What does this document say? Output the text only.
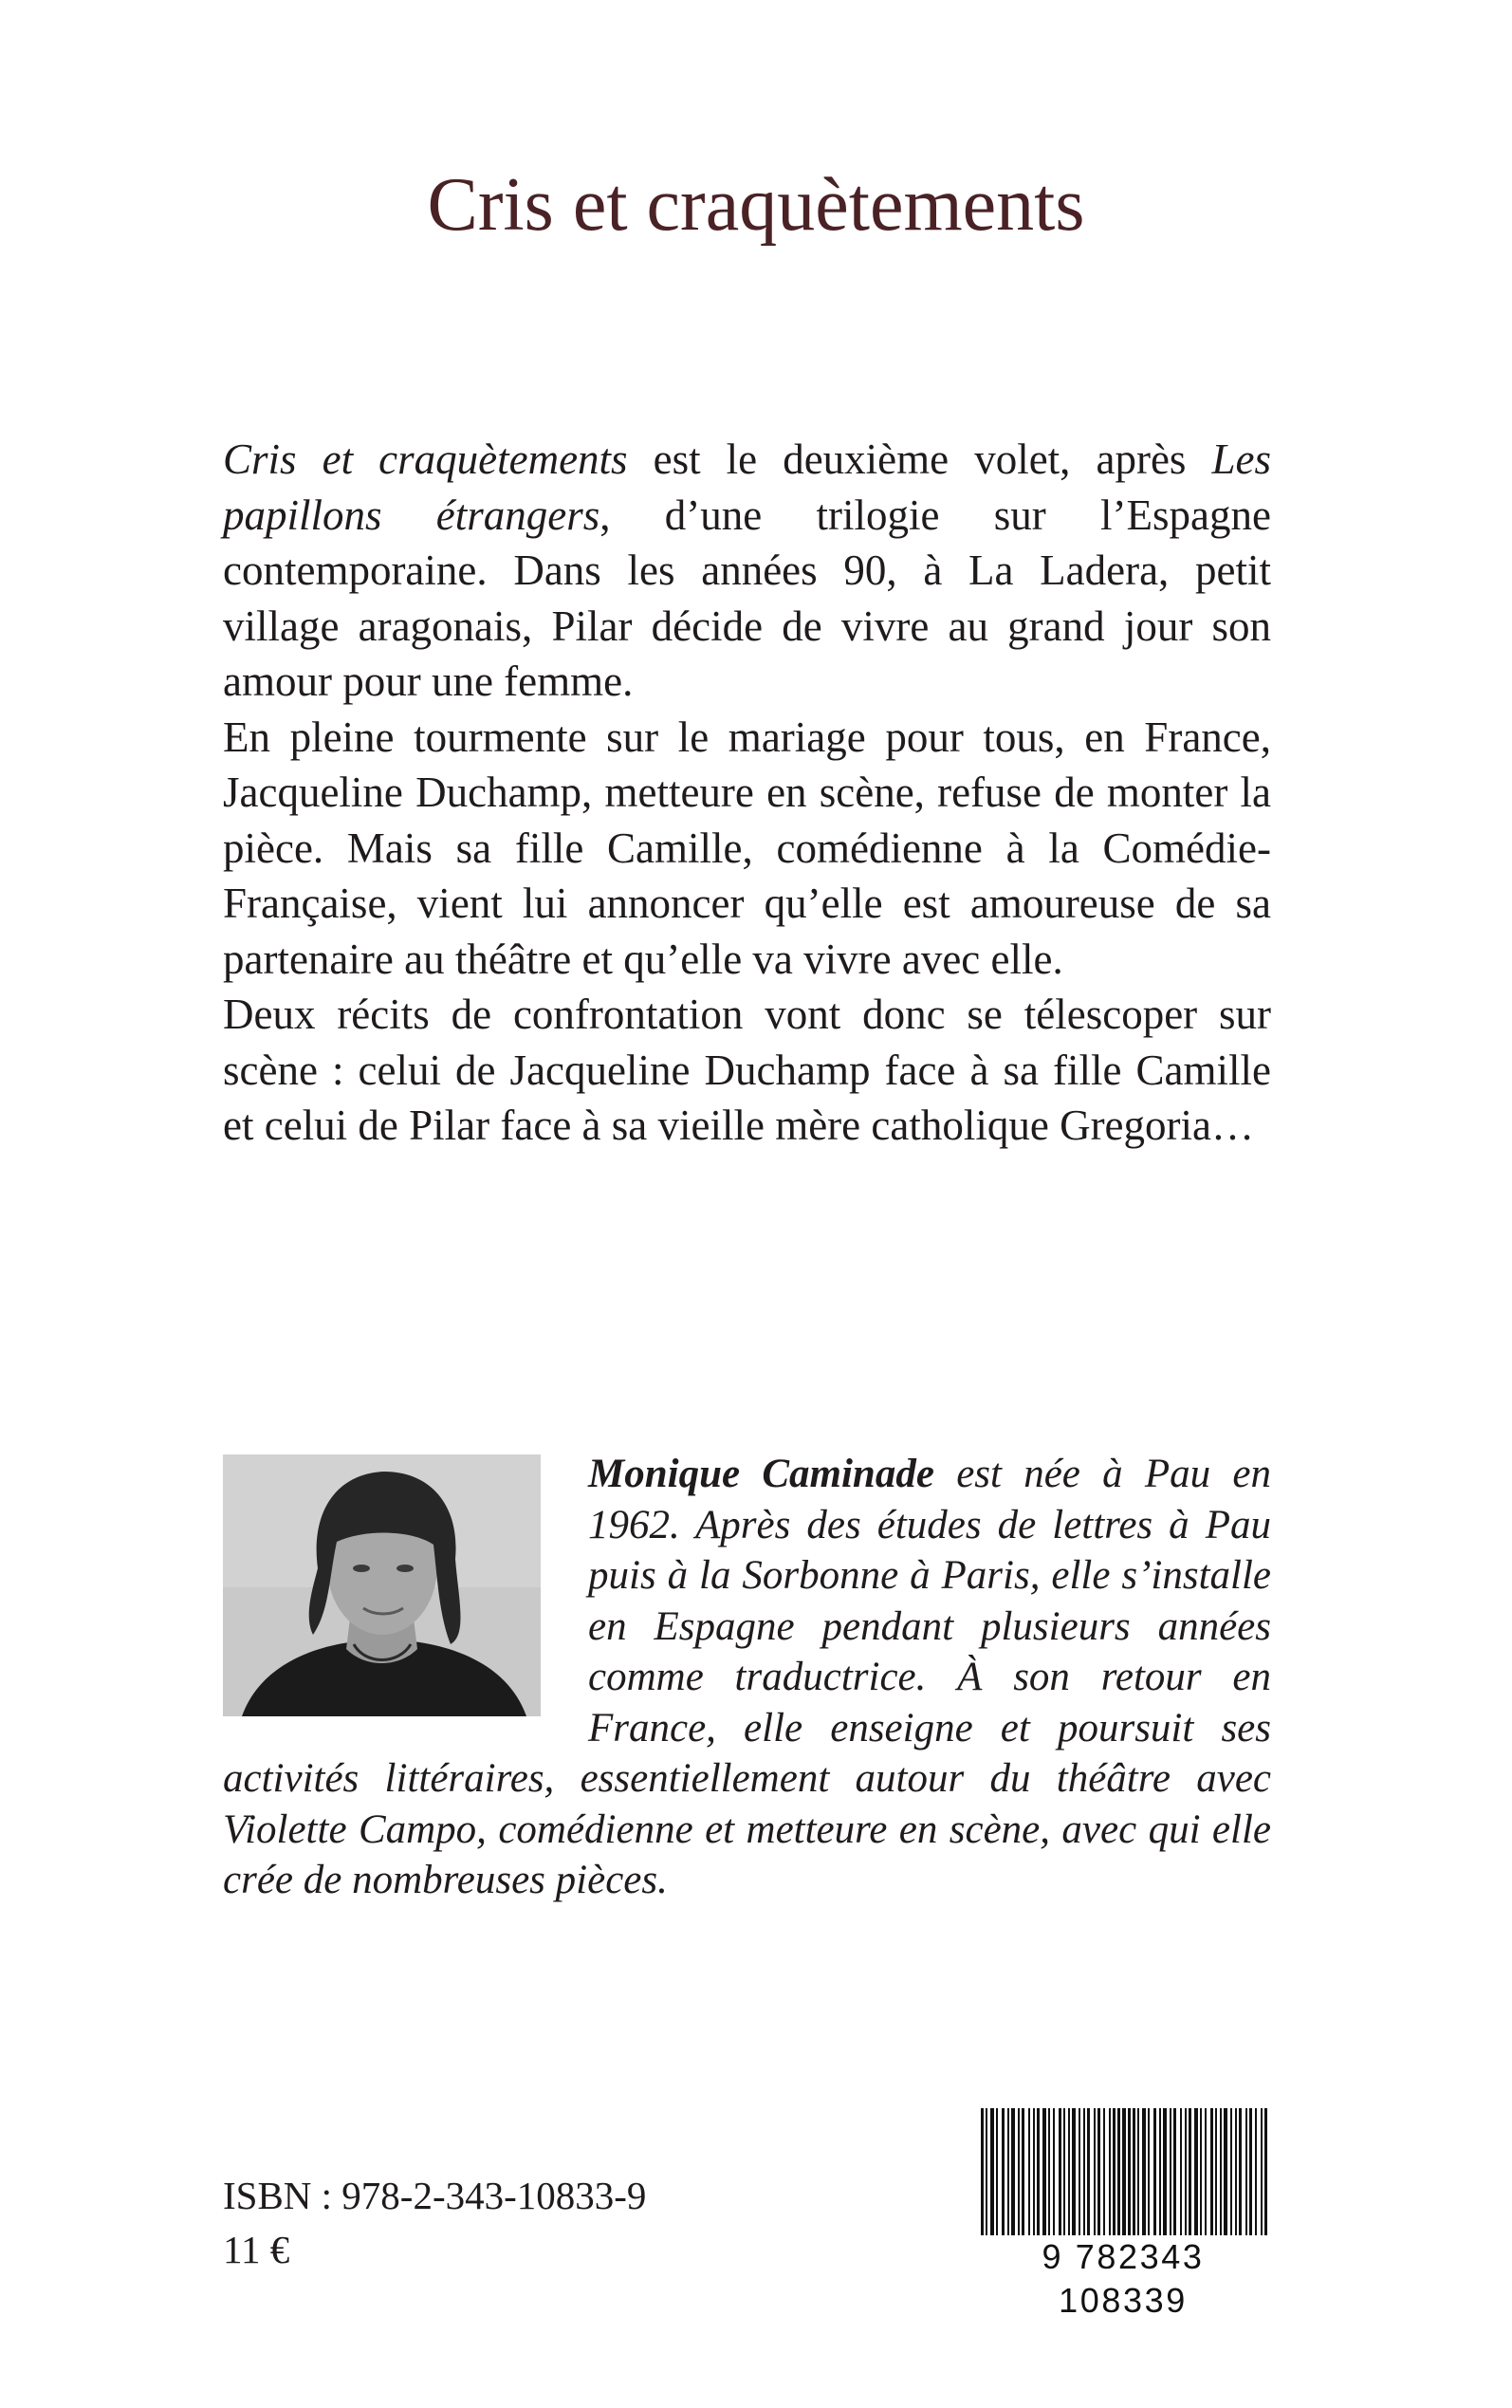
Cris et craquètements

Cris et craquètements est le deuxième volet, après Les papillons étrangers, d’une trilogie sur l’Espagne contemporaine. Dans les années 90, à La Ladera, petit village aragonais, Pilar décide de vivre au grand jour son amour pour une femme.

En pleine tourmente sur le mariage pour tous, en France, Jacqueline Duchamp, metteure en scène, refuse de monter la pièce. Mais sa fille Camille, comédienne à la Comédie-Française, vient lui annoncer qu’elle est amoureuse de sa partenaire au théâtre et qu’elle va vivre avec elle.

Deux récits de confrontation vont donc se télescoper sur scène : celui de Jacqueline Duchamp face à sa fille Camille et celui de Pilar face à sa vieille mère catholique Gregoria…

Monique Caminade est née à Pau en 1962. Après des études de lettres à Pau puis à la Sorbonne à Paris, elle s’installe en Espagne pendant plusieurs années comme traductrice. À son retour en France, elle enseigne et poursuit ses activités littéraires, essentiellement autour du théâtre avec Violette Campo, comédienne et metteure en scène, avec qui elle crée de nombreuses pièces.

ISBN : 978-2-343-10833-9

11 €	9 782343 108339
